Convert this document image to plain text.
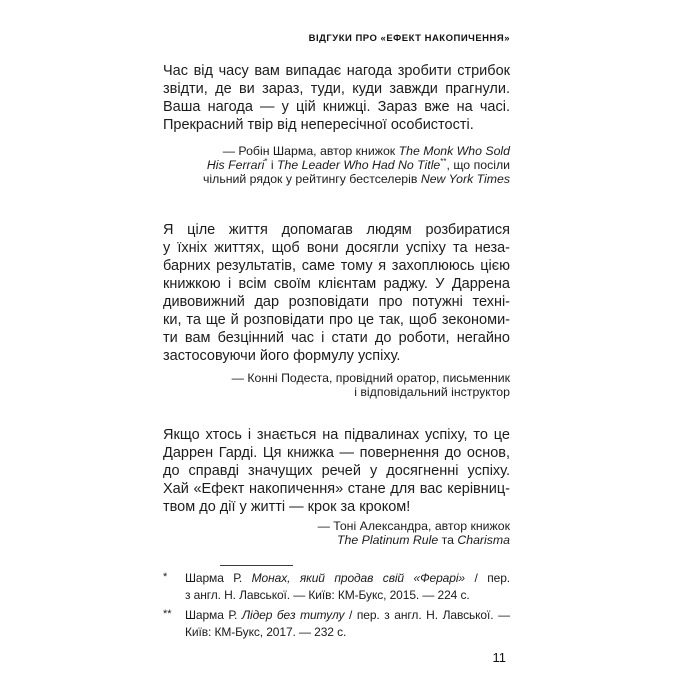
ВІДГУКИ ПРО «ЕФЕКТ НАКОПИЧЕННЯ»
Час від часу вам випадає нагода зробити стрибок
звідти, де ви зараз, туди, куди завжди прагнули.
Ваша нагода — у цій книжці. Зараз вже на часі.
Прекрасний твір від непересічної особистості.
— Робін Шарма, автор книжок The Monk Who Sold
His Ferrari* і The Leader Who Had No Title**, що посіли
чільний рядок у рейтингу бестселерів New York Times
Я ціле життя допомагав людям розбиратися
у їхніх життях, щоб вони досягли успіху та неза-
барних результатів, саме тому я захоплююсь цією
книжкою і всім своїм клієнтам раджу. У Даррена
дивовижний дар розповідати про потужні техні-
ки, та ще й розповідати про це так, щоб зекономи-
ти вам безцінний час і стати до роботи, негайно
застосовуючи його формулу успіху.
— Конні Подеста, провідний оратор, письменник
і відповідальний інструктор
Якщо хтось і знається на підвалинах успіху, то це
Даррен Гарді. Ця книжка — повернення до основ,
до справді значущих речей у досягненні успіху.
Хай «Ефект накопичення» стане для вас керівниц-
твом до дії у житті — крок за кроком!
— Тоні Александра, автор книжок
The Platinum Rule та Charisma
*	Шарма Р. Монах, який продав свій «Ферарі» / пер.
з англ. Н. Лавської. — Київ: КМ-Букс, 2015. — 224 с.
**	Шарма Р. Лідер без титулу / пер. з англ. Н. Лавської. —
Київ: КМ-Букс, 2017. — 232 с.
11
